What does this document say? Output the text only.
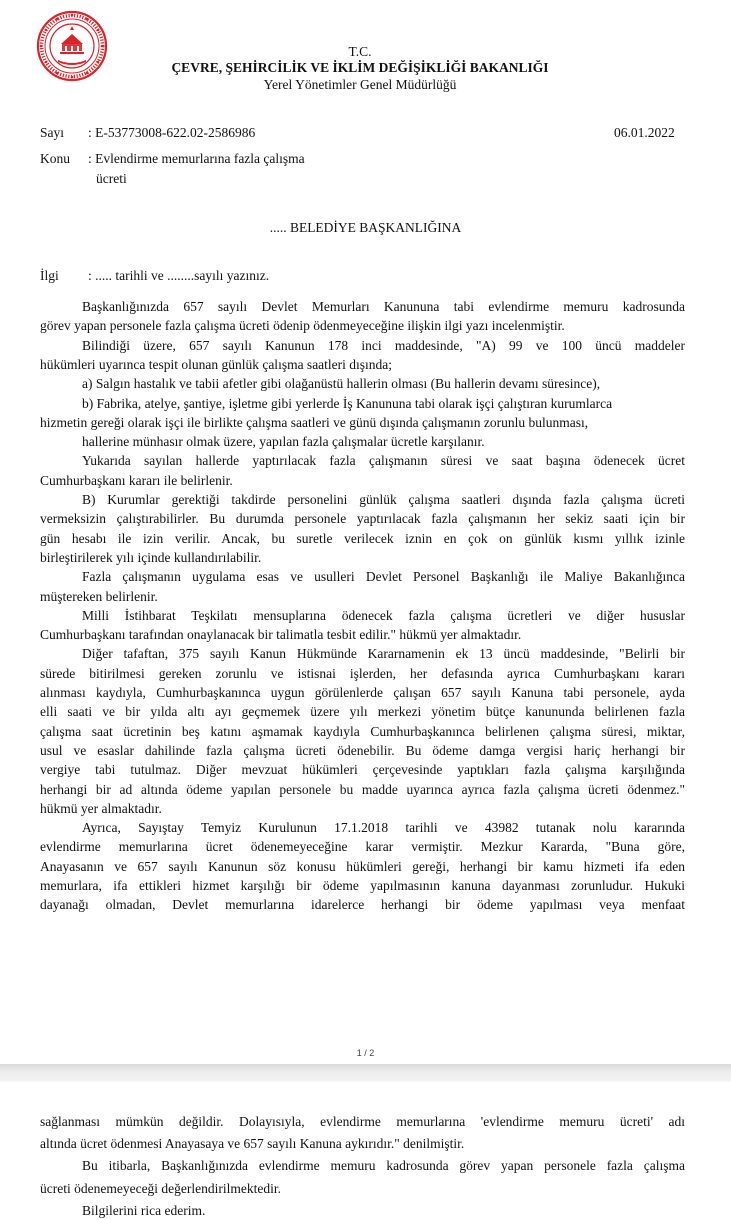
T.C.
ÇEVRE, ŞEHİRCİLİK VE İKLİM DEĞİŞİKLİĞİ BAKANLIĞI
Yerel Yönetimler Genel Müdürlüğü
Sayı : E-53773008-622.02-2586986	06.01.2022
Konu : Evlendirme memurlarına fazla çalışma
ücreti
..... BELEDİYE BAŞKANLIĞINA
İlgi : ..... tarihli ve ........sayılı yazınız.
Başkanlığınızda 657 sayılı Devlet Memurları Kanununa tabi evlendirme memuru kadrosunda
görev yapan personele fazla çalışma ücreti ödenip ödenmeyeceğine ilişkin ilgi yazı incelenmiştir.
Bilindiği üzere, 657 sayılı Kanunun 178 inci maddesinde, "A) 99 ve 100 üncü maddeler
hükümleri uyarınca tespit olunan günlük çalışma saatleri dışında;
a) Salgın hastalık ve tabii afetler gibi olağanüstü hallerin olması (Bu hallerin devamı süresince),
b) Fabrika, atelye, şantiye, işletme gibi yerlerde İş Kanununa tabi olarak işçi çalıştıran kurumlarca
hizmetin gereği olarak işçi ile birlikte çalışma saatleri ve günü dışında çalışmanın zorunlu bulunması,
hallerine münhasır olmak üzere, yapılan fazla çalışmalar ücretle karşılanır.
Yukarıda sayılan hallerde yaptırılacak fazla çalışmanın süresi ve saat başına ödenecek ücret
Cumhurbaşkanı kararı ile belirlenir.
B) Kurumlar gerektiği takdirde personelini günlük çalışma saatleri dışında fazla çalışma ücreti
vermeksizin çalıştırabilirler. Bu durumda personele yaptırılacak fazla çalışmanın her sekiz saati için bir
gün hesabı ile izin verilir. Ancak, bu suretle verilecek iznin en çok on günlük kısmı yıllık izinle
birleştirilerek yılı içinde kullandırılabilir.
Fazla çalışmanın uygulama esas ve usulleri Devlet Personel Başkanlığı ile Maliye Bakanlığınca
müştereken belirlenir.
Milli İstihbarat Teşkilatı mensuplarına ödenecek fazla çalışma ücretleri ve diğer hususlar
Cumhurbaşkanı tarafından onaylanacak bir talimatla tesbit edilir." hükmü yer almaktadır.
Diğer tafaftan, 375 sayılı Kanun Hükmünde Kararnamenin ek 13 üncü maddesinde, "Belirli bir
sürede bitirilmesi gereken zorunlu ve istisnai işlerden, her defasında ayrıca Cumhurbaşkanı kararı
alınması kaydıyla, Cumhurbaşkanınca uygun görülenlerde çalışan 657 sayılı Kanuna tabi personele, ayda
elli saati ve bir yılda altı ayı geçmemek üzere yılı merkezi yönetim bütçe kanununda belirlenen fazla
çalışma saat ücretinin beş katını aşmamak kaydıyla Cumhurbaşkanınca belirlenen çalışma süresi, miktar,
usul ve esaslar dahilinde fazla çalışma ücreti ödenebilir. Bu ödeme damga vergisi hariç herhangi bir
vergiye tabi tutulmaz. Diğer mevzuat hükümleri çerçevesinde yaptıkları fazla çalışma karşılığında
herhangi bir ad altında ödeme yapılan personele bu madde uyarınca ayrıca fazla çalışma ücreti ödenmez."
hükmü yer almaktadır.
Ayrıca, Sayıştay Temyiz Kurulunun 17.1.2018 tarihli ve 43982 tutanak nolu kararında
evlendirme memurlarına ücret ödenemeyeceğine karar vermiştir. Mezkur Kararda, "Buna göre,
Anayasanın ve 657 sayılı Kanunun söz konusu hükümleri gereği, herhangi bir kamu hizmeti ifa eden
memurlara, ifa ettikleri hizmet karşılığı bir ödeme yapılmasının kanuna dayanması zorunludur. Hukuki
dayanağı olmadan, Devlet memurlarına idarelerce herhangi bir ödeme yapılması veya menfaat
1 / 2
sağlanması mümkün değildir. Dolayısıyla, evlendirme memurlarına 'evlendirme memuru ücreti' adı
altında ücret ödenmesi Anayasaya ve 657 sayılı Kanuna aykırıdır." denilmiştir.
Bu itibarla, Başkanlığınızda evlendirme memuru kadrosunda görev yapan personele fazla çalışma
ücreti ödenemeyeceği değerlendirilmektedir.
Bilgilerini rica ederim.
